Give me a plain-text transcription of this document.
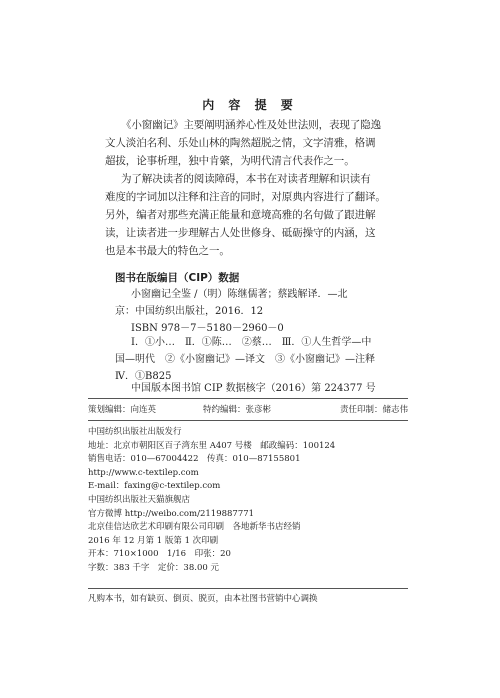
内 容 提 要

《小窗幽记》主要阐明涵养心性及处世法则，表现了隐逸
文人淡泊名利、乐处山林的陶然超脱之情，文字清雅，格调
超拔，论事析理，独中肯綮，为明代清言代表作之一。

为了解决读者的阅读障碍，本书在对读者理解和识读有
难度的字词加以注释和注音的同时，对原典内容进行了翻译。
另外，编者对那些充满正能量和意境高雅的名句做了跟进解
读，让读者进一步理解古人处世修身、砥砺操守的内涵，这
也是本书最大的特色之一。

图书在版编目（CIP）数据

小窗幽记全鉴 /（明）陈继儒著；蔡践解译．—北
京：中国纺织出版社，2016．12
ISBN 978－7－5180－2960－0

Ⅰ．①小…　Ⅱ．①陈…　②蔡…　Ⅲ．①人生哲学—中
国—明代　②《小窗幽记》—译文　③《小窗幽记》—注释
Ⅳ．①B825

中国版本图书馆 CIP 数据核字（2016）第 224377 号

策划编辑：向连英	特约编辑：张彦彬	责任印制：储志伟

中国纺织出版社出版发行
地址：北京市朝阳区百子湾东里 A407 号楼　邮政编码：100124
销售电话：010—67004422　传真：010—87155801
http://www.c-textilep.com
E-mail：faxing@c-textilep.com
中国纺织出版社天猫旗舰店
官方微博 http://weibo.com/2119887771
北京佳信达欣艺术印刷有限公司印刷　各地新华书店经销
2016 年 12 月第 1 版第 1 次印刷
开本：710×1000　1/16　印张：20
字数：383 千字　定价：38.00 元

凡购本书，如有缺页、倒页、脱页，由本社图书营销中心调换
